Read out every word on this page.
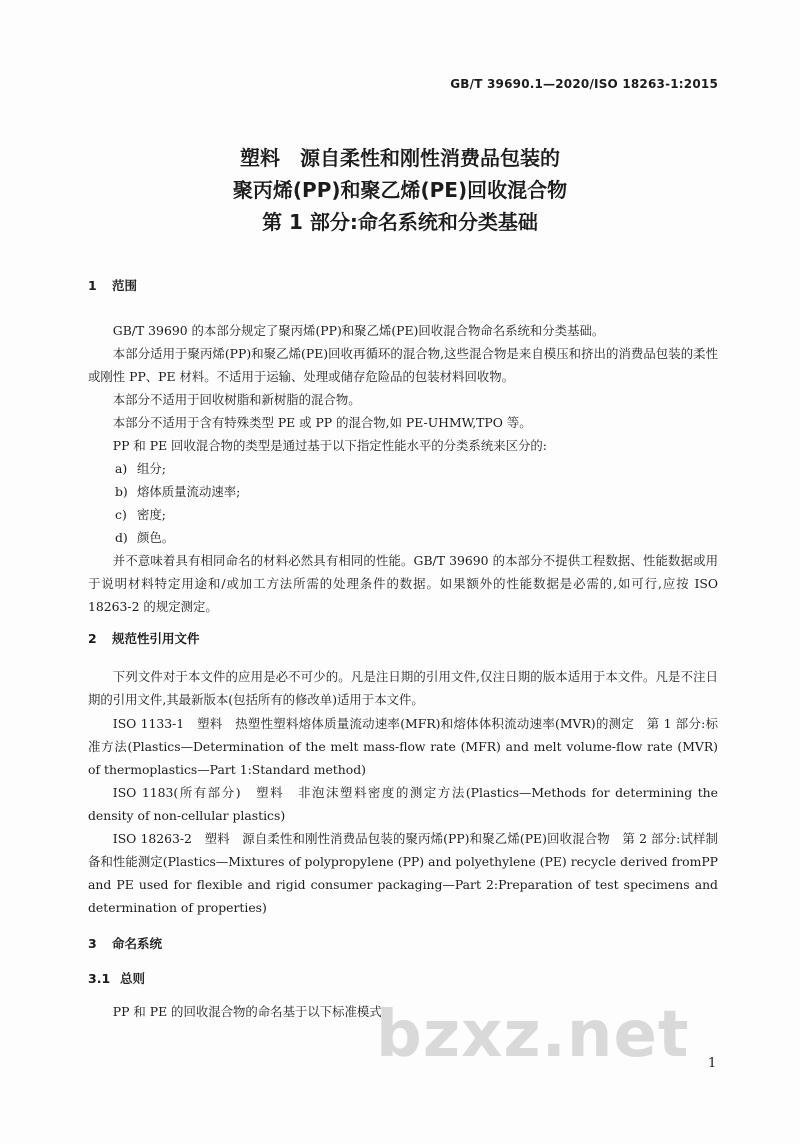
GB/T 39690.1—2020/ISO 18263-1:2015
塑料　源自柔性和刚性消费品包装的
聚丙烯(PP)和聚乙烯(PE)回收混合物
第 1 部分:命名系统和分类基础
1 范围

GB/T 39690 的本部分规定了聚丙烯(PP)和聚乙烯(PE)回收混合物命名系统和分类基础。

本部分适用于聚丙烯(PP)和聚乙烯(PE)回收再循环的混合物,这些混合物是来自模压和挤出的消费品包装的柔性或刚性 PP、PE 材料。不适用于运输、处理或储存危险品的包装材料回收物。

本部分不适用于回收树脂和新树脂的混合物。

本部分不适用于含有特殊类型 PE 或 PP 的混合物,如 PE-UHMW,TPO 等。

PP 和 PE 回收混合物的类型是通过基于以下指定性能水平的分类系统来区分的:

a) 组分;
b) 熔体质量流动速率;
c) 密度;
d) 颜色。

并不意味着具有相同命名的材料必然具有相同的性能。GB/T 39690 的本部分不提供工程数据、性能数据或用于说明材料特定用途和/或加工方法所需的处理条件的数据。如果额外的性能数据是必需的,如可行,应按 ISO 18263-2 的规定测定。

2 规范性引用文件

下列文件对于本文件的应用是必不可少的。凡是注日期的引用文件,仅注日期的版本适用于本文件。凡是不注日期的引用文件,其最新版本(包括所有的修改单)适用于本文件。

ISO 1133-1　塑料　热塑性塑料熔体质量流动速率(MFR)和熔体体积流动速率(MVR)的测定　第 1 部分:标准方法(Plastics—Determination of the melt mass-flow rate (MFR) and melt volume-flow rate (MVR) of thermoplastics—Part 1:Standard method)

ISO 1183(所有部分)　塑料　非泡沫塑料密度的测定方法(Plastics—Methods for determining the density of non-cellular plastics)

ISO 18263-2　塑料　源自柔性和刚性消费品包装的聚丙烯(PP)和聚乙烯(PE)回收混合物　第 2 部分:试样制备和性能测定(Plastics—Mixtures of polypropylene (PP) and polyethylene (PE) recycle derived fromPP and PE used for flexible and rigid consumer packaging—Part 2:Preparation of test specimens and determination of properties)

3 命名系统
3.1 总则

PP 和 PE 的回收混合物的命名基于以下标准模式:

bzxz.net 1
